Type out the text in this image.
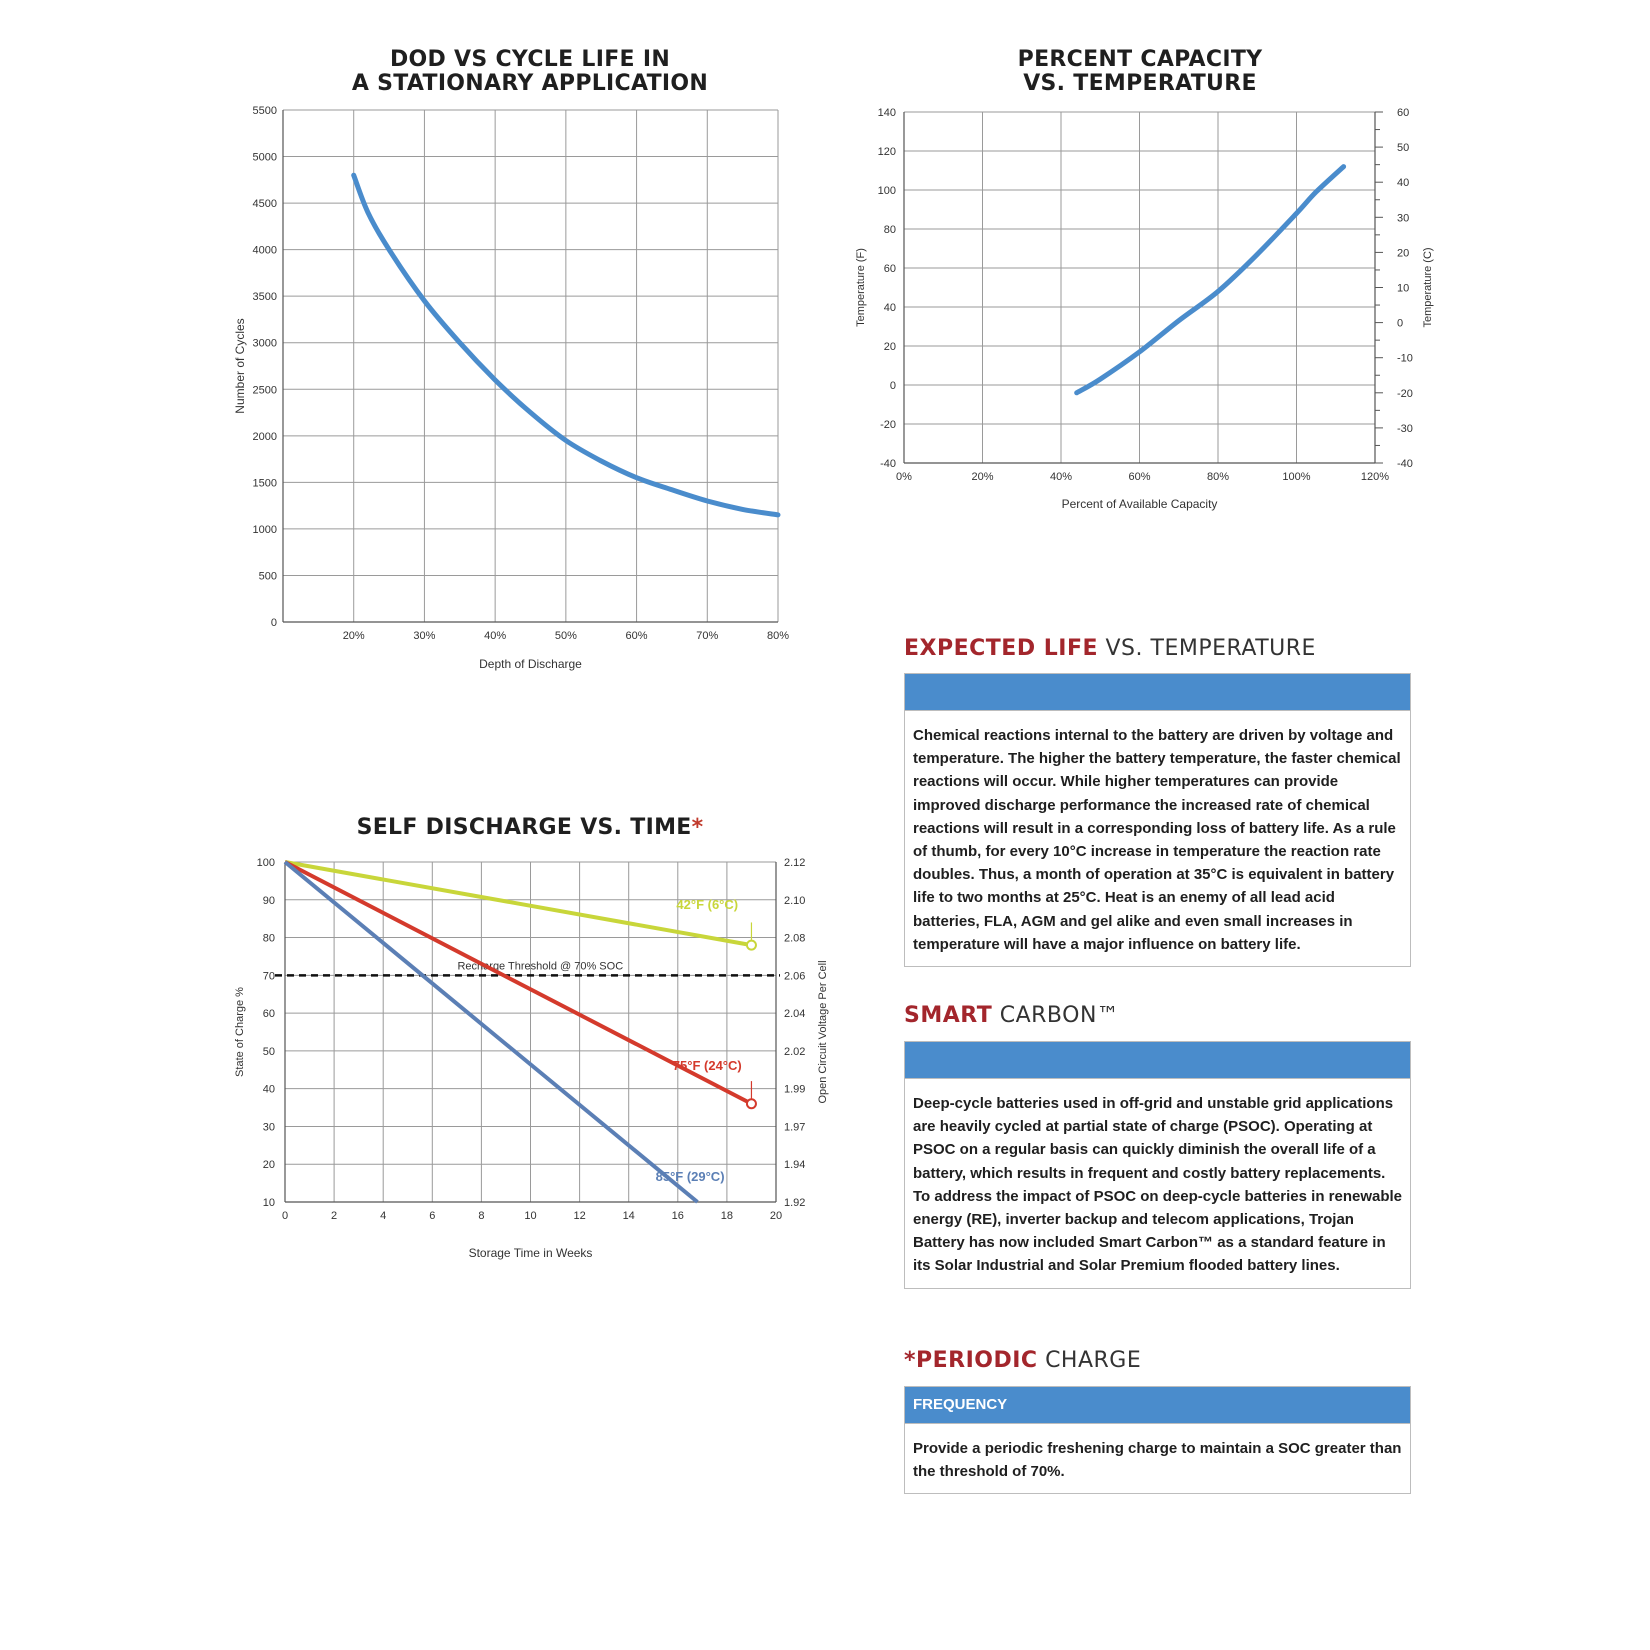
DOD VS CYCLE LIFE IN
A STATIONARY APPLICATION
PERCENT CAPACITY
VS. TEMPERATURE
SELF DISCHARGE VS. TIME*
0
500
1000
1500
2000
2500
3000
3500
4000
4500
5000
5500
20%	30%	40%	50%	60%	70%	80%
Depth of Discharge
Number of Cycles
-40
-20
0
20
40
60
80
100
120
140
0%	20%	40%	60%	80%	100%	120%
-40
-30
-20
-10
0
10
20
30
40
50
60
Percent of Available Capacity
Temperature (F)	Temperature (C)
10	1.92
20	1.94
30	1.97
40	1.99
50	2.02
60	2.04
70	2.06
80	2.08
90	2.10
100	2.12
0	2	4	6	8	10	12	14	16	18	20
Storage Time in Weeks
State of Charge %	Open Circuit Voltage Per Cell
Recharge Threshold @ 70% SOC
42°F (6°C)
75°F (24°C)
85°F (29°C)
EXPECTED LIFE VS. TEMPERATURE
Chemical reactions internal to the battery are driven by voltage and temperature. The higher the battery temperature, the faster chemical reactions will occur. While higher temperatures can provide improved discharge performance the increased rate of chemical reactions will result in a corresponding loss of battery life. As a rule of thumb, for every 10°C increase in temperature the reaction rate doubles. Thus, a month of operation at 35°C is equivalent in battery life to two months at 25°C. Heat is an enemy of all lead acid batteries, FLA, AGM and gel alike and even small increases in temperature will have a major influence on battery life.
SMART CARBON™
Deep-cycle batteries used in off-grid and unstable grid applications are heavily cycled at partial state of charge (PSOC). Operating at PSOC on a regular basis can quickly diminish the overall life of a battery, which results in frequent and costly battery replacements. To address the impact of PSOC on deep-cycle batteries in renewable energy (RE), inverter backup and telecom applications, Trojan Battery has now included Smart Carbon™ as a standard feature in its Solar Industrial and Solar Premium flooded battery lines.
*PERIODIC CHARGE
FREQUENCY
Provide a periodic freshening charge to maintain a SOC greater than the threshold of 70%.
